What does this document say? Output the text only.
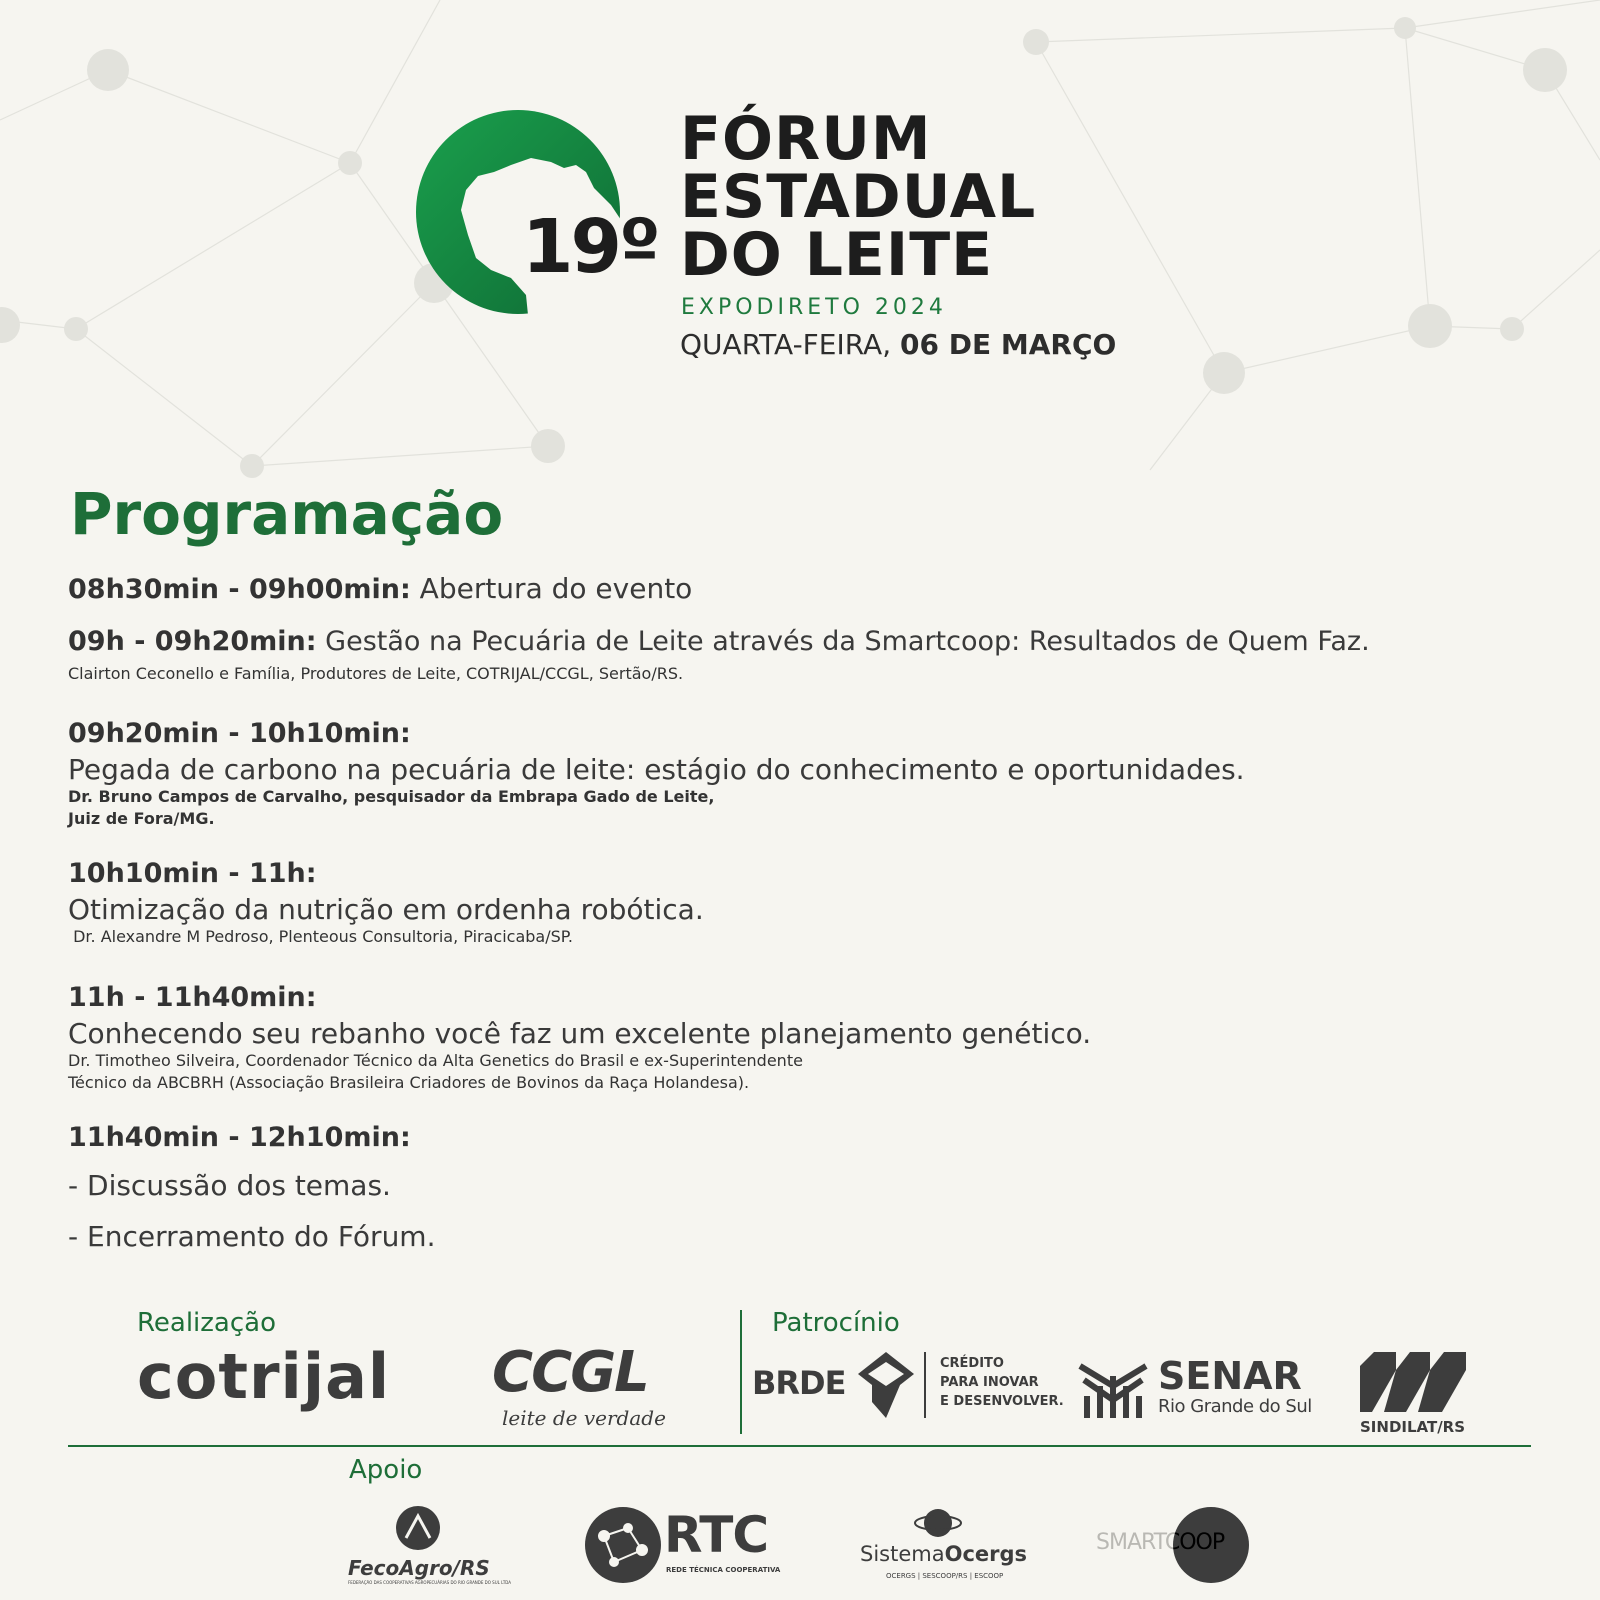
19º
FÓRUM
ESTADUAL
DO LEITE
EXPODIRETO 2024
QUARTA-FEIRA, 06 DE MARÇO
Programação
08h30min - 09h00min: Abertura do evento
09h - 09h20min: Gestão na Pecuária de Leite através da Smartcoop: Resultados de Quem Faz.
Clairton Ceconello e Família, Produtores de Leite, COTRIJAL/CCGL, Sertão/RS.
09h20min - 10h10min:
Pegada de carbono na pecuária de leite: estágio do conhecimento e oportunidades.
Dr. Bruno Campos de Carvalho, pesquisador da Embrapa Gado de Leite,
Juiz de Fora/MG.
10h10min - 11h:
Otimização da nutrição em ordenha robótica.
Dr. Alexandre M Pedroso, Plenteous Consultoria, Piracicaba/SP.
11h - 11h40min:
Conhecendo seu rebanho você faz um excelente planejamento genético.
Dr. Timotheo Silveira, Coordenador Técnico da Alta Genetics do Brasil e ex-Superintendente
Técnico da ABCBRH (Associação Brasileira Criadores de Bovinos da Raça Holandesa).
11h40min - 12h10min:
- Discussão dos temas.
- Encerramento do Fórum.
Realização	Patrocínio
Apoio
cotrijal CCGL
leite de verdade
BRDE
CRÉDITO
PARA INOVAR
E DESENVOLVER.
SENAR
Rio Grande do Sul
SINDILAT/RS
FecoAgro/RS
FEDERAÇÃO DAS COOPERATIVAS AGROPECUÁRIAS DO RIO GRANDE DO SUL LTDA
RTC
REDE TÉCNICA COOPERATIVA
SistemaOcergs
OCERGS | SESCOOP/RS | ESCOOP
SMARTCOOP
